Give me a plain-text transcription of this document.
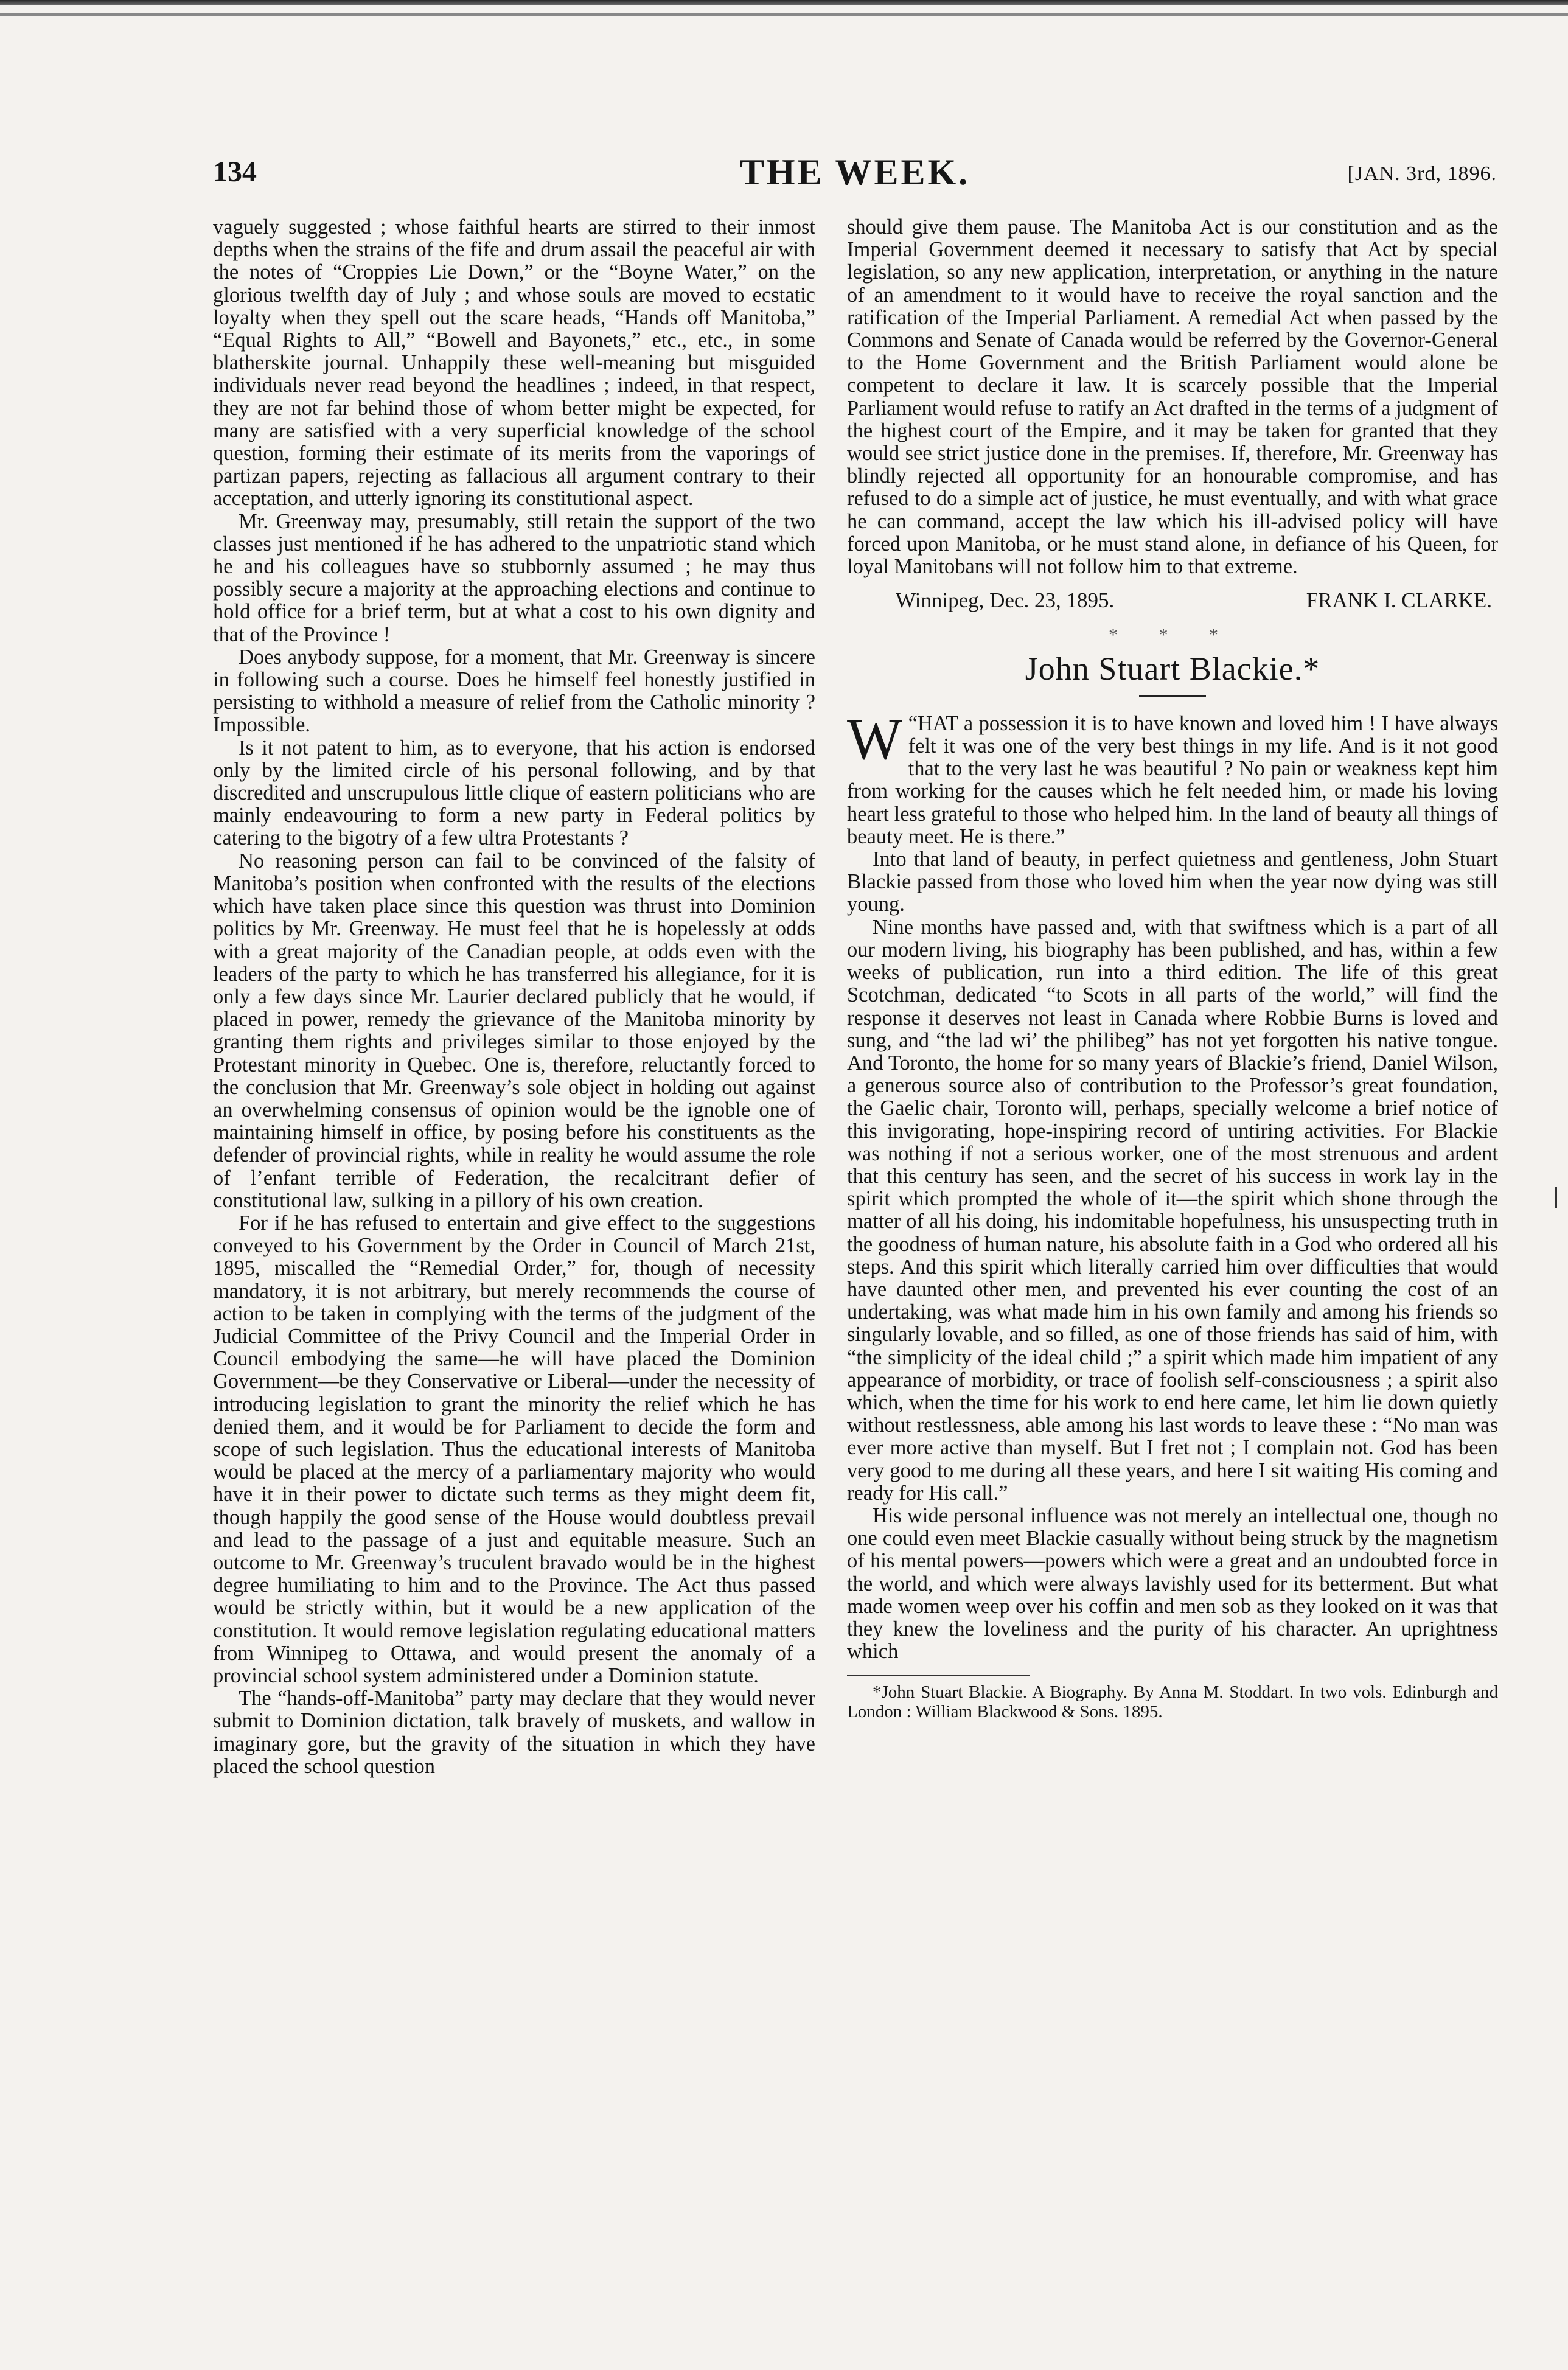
134	THE WEEK.	[JAN. 3rd, 1896.

vaguely suggested ; whose faithful hearts are stirred to their inmost depths when the strains of the fife and drum assail the peaceful air with the notes of “Croppies Lie Down,” or the “Boyne Water,” on the glorious twelfth day of July ; and whose souls are moved to ecstatic loyalty when they spell out the scare heads, “Hands off Manitoba,” “Equal Rights to All,” “Bowell and Bayonets,” etc., etc., in some blatherskite journal. Unhappily these well-meaning but misguided individuals never read beyond the headlines ; indeed, in that respect, they are not far behind those of whom better might be expected, for many are satisfied with a very superficial knowledge of the school question, forming their estimate of its merits from the vaporings of partizan papers, rejecting as fallacious all argument contrary to their acceptation, and utterly ignoring its constitutional aspect.

Mr. Greenway may, presumably, still retain the support of the two classes just mentioned if he has adhered to the unpatriotic stand which he and his colleagues have so stubbornly assumed ; he may thus possibly secure a majority at the approaching elections and continue to hold office for a brief term, but at what a cost to his own dignity and that of the Province !

Does anybody suppose, for a moment, that Mr. Greenway is sincere in following such a course. Does he himself feel honestly justified in persisting to withhold a measure of relief from the Catholic minority ? Impossible.

Is it not patent to him, as to everyone, that his action is endorsed only by the limited circle of his personal following, and by that discredited and unscrupulous little clique of eastern politicians who are mainly endeavouring to form a new party in Federal politics by catering to the bigotry of a few ultra Protestants ?

No reasoning person can fail to be convinced of the falsity of Manitoba’s position when confronted with the results of the elections which have taken place since this question was thrust into Dominion politics by Mr. Greenway. He must feel that he is hopelessly at odds with a great majority of the Canadian people, at odds even with the leaders of the party to which he has transferred his allegiance, for it is only a few days since Mr. Laurier declared publicly that he would, if placed in power, remedy the grievance of the Manitoba minority by granting them rights and privileges similar to those enjoyed by the Protestant minority in Quebec. One is, therefore, reluctantly forced to the conclusion that Mr. Greenway’s sole object in holding out against an overwhelming consensus of opinion would be the ignoble one of maintaining himself in office, by posing before his constituents as the defender of provincial rights, while in reality he would assume the role of l’enfant terrible of Federation, the recalcitrant defier of constitutional law, sulking in a pillory of his own creation.

For if he has refused to entertain and give effect to the suggestions conveyed to his Government by the Order in Council of March 21st, 1895, miscalled the “Remedial Order,” for, though of necessity mandatory, it is not arbitrary, but merely recommends the course of action to be taken in complying with the terms of the judgment of the Judicial Committee of the Privy Council and the Imperial Order in Council embodying the same—he will have placed the Dominion Government—be they Conservative or Liberal—under the necessity of introducing legislation to grant the minority the relief which he has denied them, and it would be for Parliament to decide the form and scope of such legislation. Thus the educational interests of Manitoba would be placed at the mercy of a parliamentary majority who would have it in their power to dictate such terms as they might deem fit, though happily the good sense of the House would doubtless prevail and lead to the passage of a just and equitable measure. Such an outcome to Mr. Greenway’s truculent bravado would be in the highest degree humiliating to him and to the Province. The Act thus passed would be strictly within, but it would be a new application of the constitution. It would remove legislation regulating educational matters from Winnipeg to Ottawa, and would present the anomaly of a provincial school system administered under a Dominion statute.

The “hands-off-Manitoba” party may declare that they would never submit to Dominion dictation, talk bravely of muskets, and wallow in imaginary gore, but the gravity of the situation in which they have placed the school question

should give them pause. The Manitoba Act is our constitution and as the Imperial Government deemed it necessary to satisfy that Act by special legislation, so any new application, interpretation, or anything in the nature of an amendment to it would have to receive the royal sanction and the ratification of the Imperial Parliament. A remedial Act when passed by the Commons and Senate of Canada would be referred by the Governor-General to the Home Government and the British Parliament would alone be competent to declare it law. It is scarcely possible that the Imperial Parliament would refuse to ratify an Act drafted in the terms of a judgment of the highest court of the Empire, and it may be taken for granted that they would see strict justice done in the premises. If, therefore, Mr. Greenway has blindly rejected all opportunity for an honourable compromise, and has refused to do a simple act of justice, he must eventually, and with what grace he can command, accept the law which his ill-advised policy will have forced upon Manitoba, or he must stand alone, in defiance of his Queen, for loyal Manitobans will not follow him to that extreme.

Winnipeg, Dec. 23, 1895.	FRANK I. CLARKE.
* * *
John Stuart Blackie.*

“
W HAT a possession it is to have known and loved him ! I have always felt it was one of the very best things in my life. And is it not good that to the very last he was beautiful ? No pain or weakness kept him from working for the causes which he felt needed him, or made his loving heart less grateful to those who helped him. In the land of beauty all things of beauty meet. He is there.”

Into that land of beauty, in perfect quietness and gentleness, John Stuart Blackie passed from those who loved him when the year now dying was still young.

Nine months have passed and, with that swiftness which is a part of all our modern living, his biography has been published, and has, within a few weeks of publication, run into a third edition. The life of this great Scotchman, dedicated “to Scots in all parts of the world,” will find the response it deserves not least in Canada where Robbie Burns is loved and sung, and “the lad wi’ the philibeg” has not yet forgotten his native tongue. And Toronto, the home for so many years of Blackie’s friend, Daniel Wilson, a generous source also of contribution to the Professor’s great foundation, the Gaelic chair, Toronto will, perhaps, specially welcome a brief notice of this invigorating, hope-inspiring record of untiring activities. For Blackie was nothing if not a serious worker, one of the most strenuous and ardent that this century has seen, and the secret of his success in work lay in the spirit which prompted the whole of it—the spirit which shone through the matter of all his doing, his indomitable hopefulness, his unsuspecting truth in the goodness of human nature, his absolute faith in a God who ordered all his steps. And this spirit which literally carried him over difficulties that would have daunted other men, and prevented his ever counting the cost of an undertaking, was what made him in his own family and among his friends so singularly lovable, and so filled, as one of those friends has said of him, with “the simplicity of the ideal child ;” a spirit which made him impatient of any appearance of morbidity, or trace of foolish self-consciousness ; a spirit also which, when the time for his work to end here came, let him lie down quietly without restlessness, able among his last words to leave these : “No man was ever more active than myself. But I fret not ; I complain not. God has been very good to me during all these years, and here I sit waiting His coming and ready for His call.”

His wide personal influence was not merely an intellectual one, though no one could even meet Blackie casually without being struck by the magnetism of his mental powers—powers which were a great and an undoubted force in the world, and which were always lavishly used for its betterment. But what made women weep over his coffin and men sob as they looked on it was that they knew the loveliness and the purity of his character. An uprightness which

*John Stuart Blackie. A Biography. By Anna M. Stoddart. In two vols. Edinburgh and London : William Blackwood & Sons. 1895.
